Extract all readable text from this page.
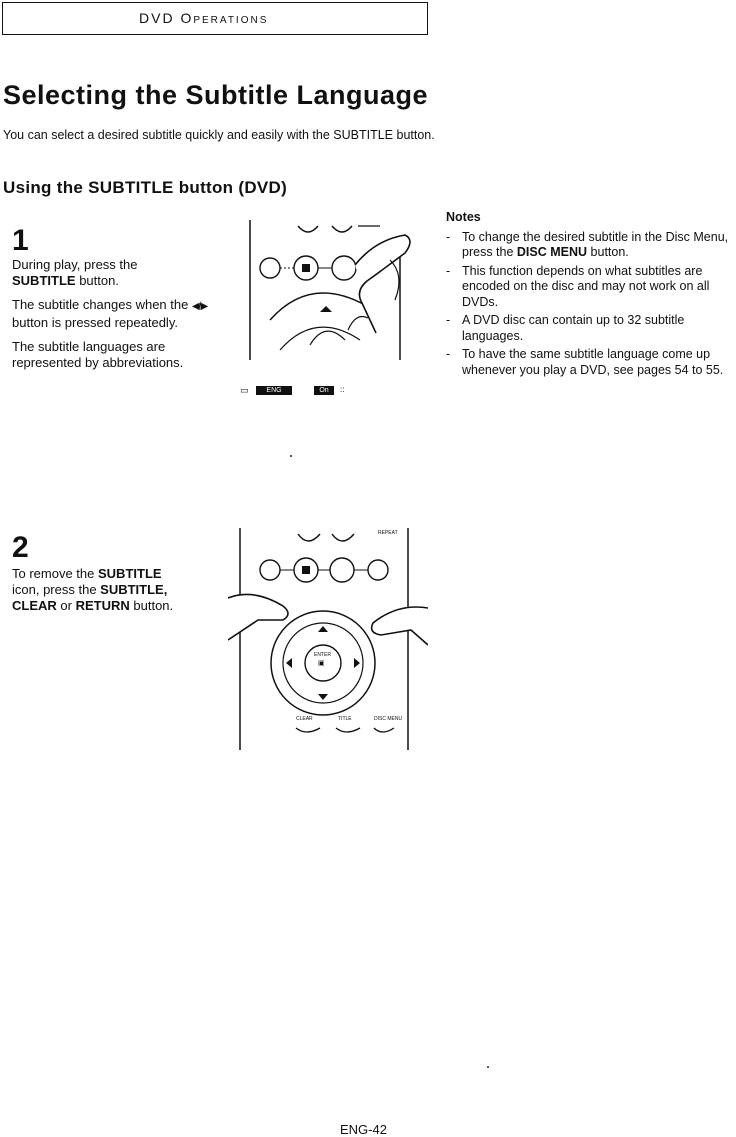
DVD Operations
Selecting the Subtitle Language

You can select a desired subtitle quickly and easily with the SUBTITLE button.

Using the SUBTITLE button (DVD)
1

During play, press the
SUBTITLE button.

The subtitle changes when the ◀/▶ button is pressed repeatedly.

The subtitle languages are represented by abbreviations.

▭	ENG	On	::

Notes

- To change the desired subtitle in the Disc Menu, press the DISC MENU button.
- This function depends on what subtitles are encoded on the disc and may not work on all DVDs.
- A DVD disc can contain up to 32 subtitle languages.
- To have the same subtitle language come up whenever you play a DVD, see pages 54 to 55.
2
To remove the SUBTITLE
icon, press the SUBTITLE,
CLEAR or RETURN button.
ENTER
▣
CLEAR	TITLE	DISC MENU
REPEAT
ENG-42
